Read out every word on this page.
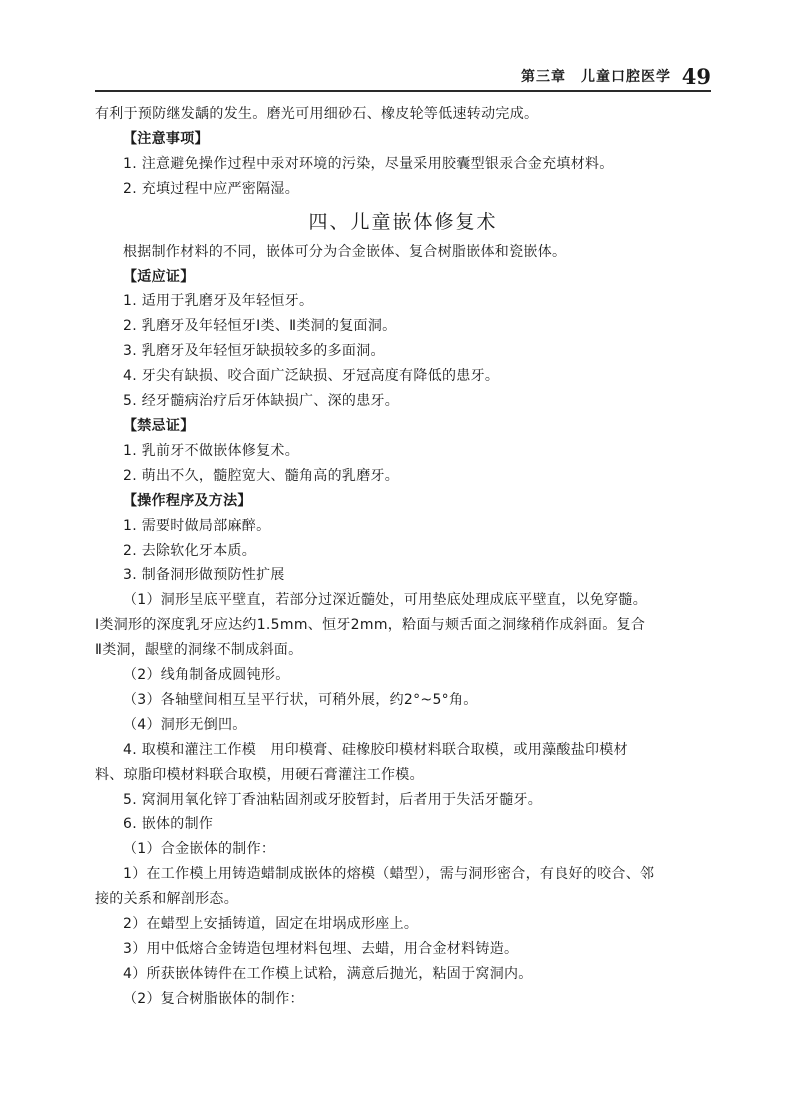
第三章　儿童口腔医学 49

有利于预防继发龋的发生。磨光可用细砂石、橡皮轮等低速转动完成。

【注意事项】

1. 注意避免操作过程中汞对环境的污染，尽量采用胶囊型银汞合金充填材料。

2. 充填过程中应严密隔湿。

四、儿童嵌体修复术

根据制作材料的不同，嵌体可分为合金嵌体、复合树脂嵌体和瓷嵌体。

【适应证】

1. 适用于乳磨牙及年轻恒牙。

2. 乳磨牙及年轻恒牙Ⅰ类、Ⅱ类洞的复面洞。

3. 乳磨牙及年轻恒牙缺损较多的多面洞。

4. 牙尖有缺损、咬合面广泛缺损、牙冠高度有降低的患牙。

5. 经牙髓病治疗后牙体缺损广、深的患牙。

【禁忌证】

1. 乳前牙不做嵌体修复术。

2. 萌出不久，髓腔宽大、髓角高的乳磨牙。

【操作程序及方法】

1. 需要时做局部麻醉。

2. 去除软化牙本质。

3. 制备洞形做预防性扩展

（1）洞形呈底平壁直，若部分过深近髓处，可用垫底处理成底平壁直，以免穿髓。

Ⅰ类洞形的深度乳牙应达约1.5mm、恒牙2mm，粭面与颊舌面之洞缘稍作成斜面。复合

Ⅱ类洞，龈壁的洞缘不制成斜面。

（2）线角制备成圆钝形。

（3）各轴壁间相互呈平行状，可稍外展，约2°~5°角。

（4）洞形无倒凹。

4. 取模和灌注工作模　用印模膏、硅橡胶印模材料联合取模，或用藻酸盐印模材

料、琼脂印模材料联合取模，用硬石膏灌注工作模。

5. 窝洞用氧化锌丁香油粘固剂或牙胶暂封，后者用于失活牙髓牙。

6. 嵌体的制作

（1）合金嵌体的制作：

1）在工作模上用铸造蜡制成嵌体的熔模（蜡型），需与洞形密合，有良好的咬合、邻

接的关系和解剖形态。

2）在蜡型上安插铸道，固定在坩埚成形座上。

3）用中低熔合金铸造包埋材料包埋、去蜡，用合金材料铸造。

4）所获嵌体铸件在工作模上试粭，满意后抛光，粘固于窝洞内。

（2）复合树脂嵌体的制作：
